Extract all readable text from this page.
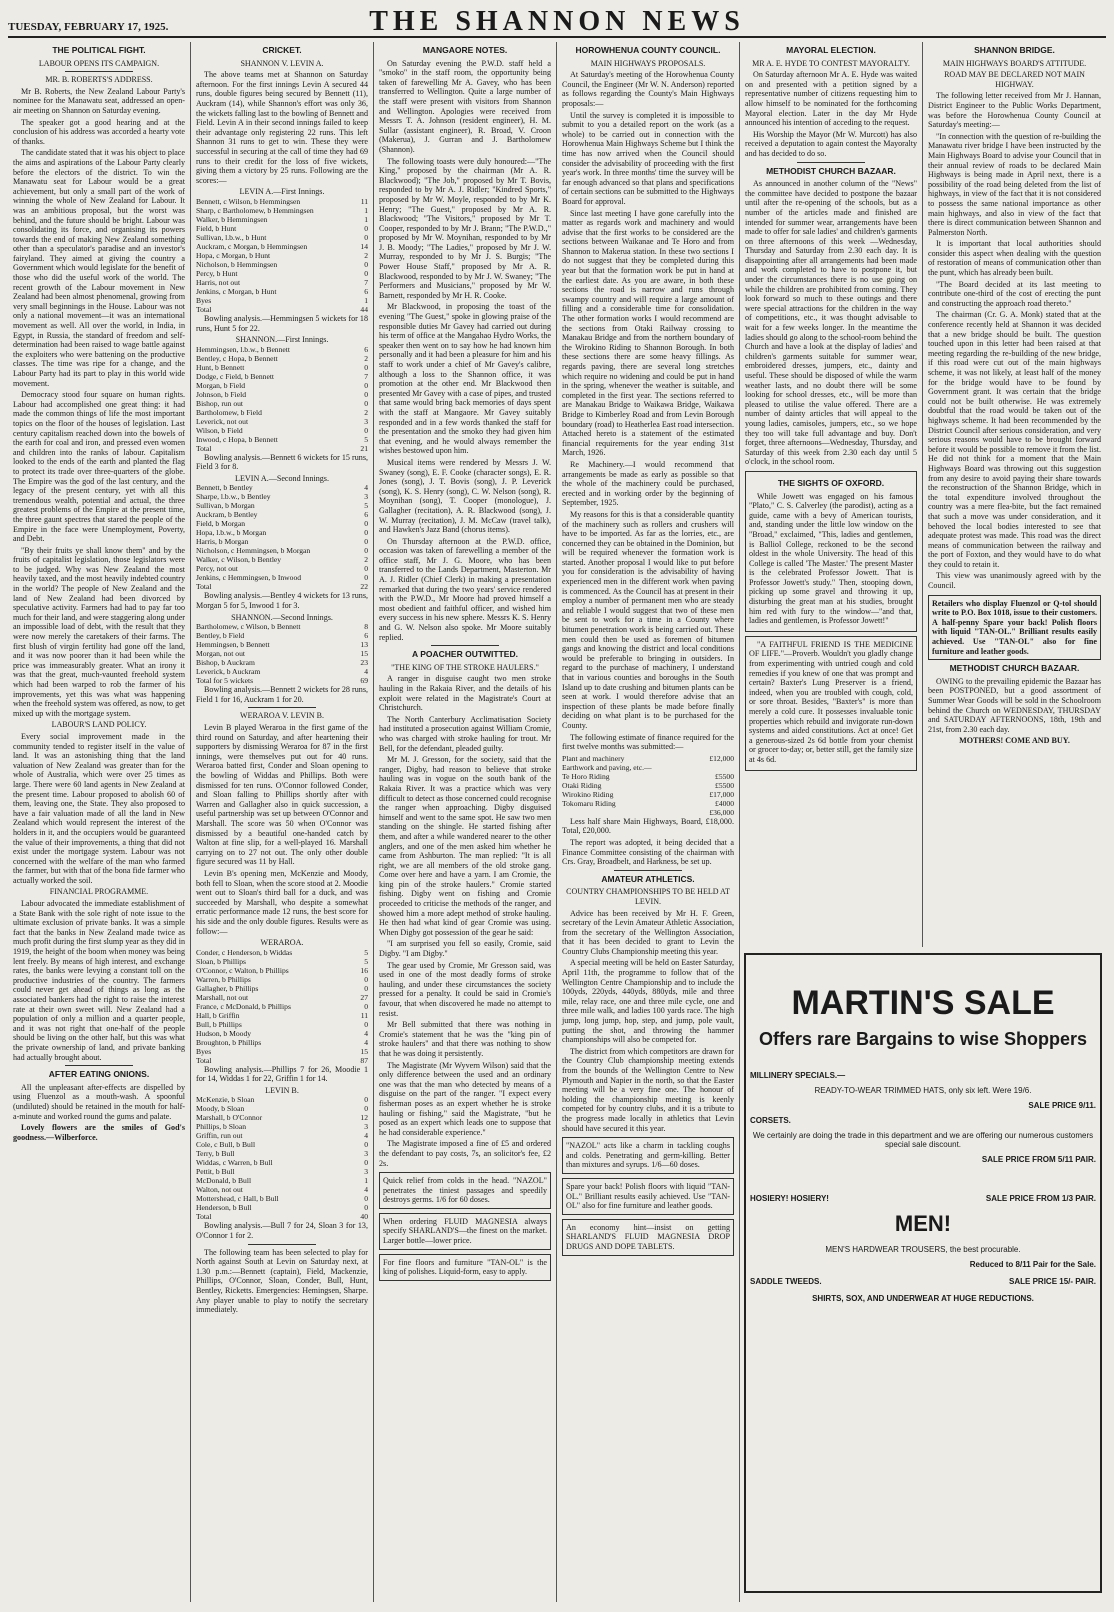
TUESDAY, FEBRUARY 17, 1925.	THE SHANNON NEWS
THE POLITICAL FIGHT.
LABOUR OPENS ITS CAMPAIGN.
MR. B. ROBERTS'S ADDRESS.

Mr B. Roberts, the New Zealand Labour Party's nominee for the Manawatu seat, addressed an open-air meeting on Shannon on Saturday evening.

The speaker got a good hearing and at the conclusion of his address was accorded a hearty vote of thanks.

The candidate stated that it was his object to place the aims and aspirations of the Labour Party clearly before the electors of the district. To win the Manawatu seat for Labour would be a great achievement, but only a small part of the work of winning the whole of New Zealand for Labour. It was an ambitious proposal, but the worst was behind, and the future should be bright. Labour was consolidating its force, and organising its powers towards the end of making New Zealand something other than a speculator's paradise and an investor's fairyland. They aimed at giving the country a Government which would legislate for the benefit of those who did the useful work of the world. The recent growth of the Labour movement in New Zealand had been almost phenomenal, growing from very small beginnings in the House. Labour was not only a national movement—it was an international movement as well. All over the world, in India, in Egypt, in Russia, the standard of freedom and self-determination had been raised to wage battle against the exploiters who were battening on the productive classes. The time was ripe for a change, and the Labour Party had its part to play in this world wide movement.

Democracy stood four square on human rights. Labour had accomplished one great thing: it had made the common things of life the most important topics on the floor of the houses of legislation. Last century capitalism reached down into the bowels of the earth for coal and iron, and pressed even women and children into the ranks of labour. Capitalism looked to the ends of the earth and planted the flag to protect its trade over three-quarters of the globe. The Empire was the god of the last century, and the legacy of the present century, yet with all this tremendous wealth, potential and actual, the three greatest problems of the Empire at the present time, the three gaunt spectres that stared the people of the Empire in the face were Unemployment, Poverty, and Debt.

"By their fruits ye shall know them" and by the fruits of capitalist legislation, those legislators were to be judged. Why was New Zealand the most heavily taxed, and the most heavily indebted country in the world? The people of New Zealand and the land of New Zealand had been divorced by speculative activity. Farmers had had to pay far too much for their land, and were staggering along under an impossible load of debt, with the result that they were now merely the caretakers of their farms. The first blush of virgin fertility had gone off the land, and it was now poorer than it had been while the price was immeasurably greater. What an irony it was that the great, much-vaunted freehold system which had been warped to rob the farmer of his improvements, yet this was what was happening when the freehold system was offered, as now, to get mixed up with the mortgage system.

LABOUR'S LAND POLICY.

Every social improvement made in the community tended to register itself in the value of land. It was an astonishing thing that the land valuation of New Zealand was greater than for the whole of Australia, which were over 25 times as large. There were 60 land agents in New Zealand at the present time. Labour proposed to abolish 60 of them, leaving one, the State. They also proposed to have a fair valuation made of all the land in New Zealand which would represent the interest of the holders in it, and the occupiers would be guaranteed the value of their improvements, a thing that did not exist under the mortgage system. Labour was not concerned with the welfare of the man who farmed the farmer, but with that of the bona fide farmer who actually worked the soil.

FINANCIAL PROGRAMME.

Labour advocated the immediate establishment of a State Bank with the sole right of note issue to the ultimate exclusion of private banks. It was a simple fact that the banks in New Zealand made twice as much profit during the first slump year as they did in 1919, the height of the boom when money was being lent freely. By means of high interest, and exchange rates, the banks were levying a constant toll on the productive industries of the country. The farmers could never get ahead of things as long as the associated bankers had the right to raise the interest rate at their own sweet will. New Zealand had a population of only a million and a quarter people, and it was not right that one-half of the people should be living on the other half, but this was what the private ownership of land, and private banking had actually brought about.

AFTER EATING ONIONS.

All the unpleasant after-effects are dispelled by using Fluenzol as a mouth-wash. A spoonful (undiluted) should be retained in the mouth for half-a-minute and worked round the gums and palate.

Lovely flowers are the smiles of God's goodness.—Wilberforce.

CRICKET.
SHANNON V. LEVIN A.

The above teams met at Shannon on Saturday afternoon. For the first innings Levin A secured 44 runs, double figures being secured by Bennett (11), Auckram (14), while Shannon's effort was only 36, the wickets falling last to the bowling of Bennett and Field. Levin A in their second innings failed to keep their advantage only registering 22 runs. This left Shannon 31 runs to get to win. These they were successful in securing at the call of time they had 69 runs to their credit for the loss of five wickets, giving them a victory by 25 runs. Following are the scores:—

LEVIN A.—First Innings.
Bennett, c Wilson, b Hemmingsen	11
Sharp, c Bartholomew, b Hemmingsen	1
Walker, b Hemmingsen	1
Field, b Hunt	0
Sullivan, l.b.w., b Hunt	0
Auckram, c Morgan, b Hemmingsen	14
Hopa, c Morgan, b Hunt	2
Nicholson, b Hemmingsen	0
Percy, b Hunt	0
Harris, not out	7
Jenkins, c Morgan, b Hunt	6
Byes	1
Total	44

Bowling analysis.—Hemmingsen 5 wickets for 18 runs, Hunt 5 for 22.

SHANNON.—First Innings.
Hemmingsen, l.b.w., b Bennett	6
Bentley, c Hopa, b Bennett	2
Hunt, b Bennett	0
Dodge, c Field, b Bennett	7
Morgan, b Field	0
Johnson, b Field	0
Bishop, run out	0
Bartholomew, b Field	2
Leverick, not out	3
Wilson, b Field	0
Inwood, c Hopa, b Bennett	5
Total	21

Bowling analysis.—Bennett 6 wickets for 15 runs, Field 3 for 8.

LEVIN A.—Second Innings.
Bennett, b Bentley	4
Sharpe, l.b.w., b Bentley	3
Sullivan, b Morgan	5
Auckram, b Bentley	6
Field, b Morgan	0
Hopa, l.b.w., b Morgan	0
Harris, b Morgan	0
Nicholson, c Hemmingsen, b Morgan	0
Walker, c Wilson, b Bentley	2
Percy, not out	0
Jenkins, c Hemmingsen, b Inwood	0
Total	22

Bowling analysis.—Bentley 4 wickets for 13 runs, Morgan 5 for 5, Inwood 1 for 3.

SHANNON.—Second Innings.
Bartholomew, c Wilson, b Bennett	8
Bentley, b Field	6
Hemmingsen, b Bennett	13
Morgan, not out	15
Bishop, b Auckram	23
Leverick, b Auckram	4
Total for 5 wickets	69

Bowling analysis.—Bennett 2 wickets for 28 runs, Field 1 for 16, Auckram 1 for 20.

WERAROA V. LEVIN B.

Levin B played Weraroa in the first game of the third round on Saturday, and after heartening their supporters by dismissing Weraroa for 87 in the first innings, were themselves put out for 40 runs. Weraroa batted first, Conder and Sloan opening to the bowling of Widdas and Phillips. Both were dismissed for ten runs. O'Connor followed Conder, and Sloan falling to Phillips shortly after with Warren and Gallagher also in quick succession, a useful partnership was set up between O'Connor and Marshall. The score was 50 when O'Connor was dismissed by a beautiful one-handed catch by Walton at fine slip, for a well-played 16. Marshall carrying on to 27 not out. The only other double figure secured was 11 by Hall.

Levin B's opening men, McKenzie and Moody, both fell to Sloan, when the score stood at 2. Moodie went out to Sloan's third ball for a duck, and was succeeded by Marshall, who despite a somewhat erratic performance made 12 runs, the best score for his side and the only double figures. Results were as follow:—

WERAROA.
Conder, c Henderson, b Widdas	5
Sloan, b Phillips	5
O'Connor, c Walton, b Phillips	16
Warren, b Phillips	0
Gallagher, b Phillips	0
Marshall, not out	27
France, c McDonald, b Phillips	0
Hall, b Griffin	11
Bull, b Phillips	0
Hudson, b Moody	4
Broughton, b Phillips	4
Byes	15
Total	87

Bowling analysis.—Phillips 7 for 26, Moodie 1 for 14, Widdas 1 for 22, Griffin 1 for 14.

LEVIN B.
McKenzie, b Sloan	0
Moody, b Sloan	0
Marshall, b O'Connor	12
Phillips, b Sloan	3
Griffin, run out	4
Cole, c Bull, b Bull	0
Terry, b Bull	3
Widdas, c Warren, b Bull	0
Pettit, b Bull	3
McDonald, b Bull	1
Walton, not out	4
Mottershead, c Hall, b Bull	0
Henderson, b Bull	0
Total	40

Bowling analysis.—Bull 7 for 24, Sloan 3 for 13, O'Connor 1 for 2.

The following team has been selected to play for North against South at Levin on Saturday next, at 1.30 p.m.:—Bennett (captain), Field, Mackenzie, Phillips, O'Connor, Sloan, Conder, Bull, Hunt, Bentley, Ricketts. Emergencies: Hemingsen, Sharpe. Any player unable to play to notify the secretary immediately.

MANGAORE NOTES.

On Saturday evening the P.W.D. staff held a "smoko" in the staff room, the opportunity being taken of farewelling Mr A. Gavey, who has been transferred to Wellington. Quite a large number of the staff were present with visitors from Shannon and Wellington. Apologies were received from Messrs T. A. Johnson (resident engineer), H. M. Sullar (assistant engineer), R. Broad, V. Croon (Makerua), J. Gurran and J. Bartholomew (Shannon).

The following toasts were duly honoured:—"The King," proposed by the chairman (Mr A. R. Blackwood); "The Job," proposed by Mr T. Bovis, responded to by Mr A. J. Ridler; "Kindred Sports," proposed by Mr W. Moyle, responded to by Mr K. Henry; "The Guest," proposed by Mr A. R. Blackwood; "The Visitors," proposed by Mr T. Cooper, responded to by Mr J. Brann; "The P.W.D.," proposed by Mr W. Moynihan, responded to by Mr J. B. Moody; "The Ladies," proposed by Mr J. W. Murray, responded to by Mr J. S. Burgis; "The Power House Staff," proposed by Mr A. R. Blackwood, responded to by Mr J. W. Swaney; "The Performers and Musicians," proposed by Mr W. Barnett, responded by Mr H. R. Cooke.

Mr Blackwood, in proposing the toast of the evening "The Guest," spoke in glowing praise of the responsible duties Mr Gavey had carried out during his term of office at the Mangahao Hydro Works, the speaker then went on to say how he had known him personally and it had been a pleasure for him and his staff to work under a chief of Mr Gavey's calibre, although a loss to the Shannon office, it was promotion at the other end. Mr Blackwood then presented Mr Gavey with a case of pipes, and trusted that same would bring back memories of days spent with the staff at Mangaore. Mr Gavey suitably responded and in a few words thanked the staff for the presentation and the smoko they had given him that evening, and he would always remember the wishes bestowed upon him.

Musical items were rendered by Messrs J. W. Swaney (song), E. F. Cooke (character songs), E. R. Jones (song), J. T. Bovis (song), J. P. Leverick (song), K. S. Henry (song), C. W. Nelson (song), R. Moynihan (song), T. Cooper (monologue), J. Gallagher (recitation), A. R. Blackwood (song), J. W. Murray (recitation), J. M. McCaw (travel talk), and Hawken's Jazz Band (chorus items).

On Thursday afternoon at the P.W.D. office, occasion was taken of farewelling a member of the office staff, Mr J. G. Moore, who has been transferred to the Lands Department, Masterton. Mr A. J. Ridler (Chief Clerk) in making a presentation remarked that during the two years' service rendered with the P.W.D., Mr Moore had proved himself a most obedient and faithful officer, and wished him every success in his new sphere. Messrs K. S. Henry and G. W. Nelson also spoke. Mr Moore suitably replied.

A POACHER OUTWITTED.
"THE KING OF THE STROKE HAULERS."

A ranger in disguise caught two men stroke hauling in the Rakaia River, and the details of his exploit were related in the Magistrate's Court at Christchurch.

The North Canterbury Acclimatisation Society had instituted a prosecution against William Cromie, who was charged with stroke hauling for trout. Mr Bell, for the defendant, pleaded guilty.

Mr M. J. Gresson, for the society, said that the ranger, Digby, had reason to believe that stroke hauling was in vogue on the south bank of the Rakaia River. It was a practice which was very difficult to detect as those concerned could recognise the ranger when approaching. Digby disguised himself and went to the same spot. He saw two men standing on the shingle. He started fishing after them, and after a while wandered nearer to the other anglers, and one of the men asked him whether he came from Ashburton. The man replied: "It is all right, we are all members of the old stroke gang. Come over here and have a yarn. I am Cromie, the king pin of the stroke haulers." Cromie started fishing. Digby went on fishing and Cromie proceeded to criticise the methods of the ranger, and showed him a more adept method of stroke hauling. He then had what kind of gear Cromie was using. When Digby got possession of the gear he said:

"I am surprised you fell so easily, Cromie, said Digby. "I am Digby."

The gear used by Cromie, Mr Gresson said, was used in one of the most deadly forms of stroke hauling, and under these circumstances the society pressed for a penalty. It could be said in Cromie's favour, that when discovered he made no attempt to resist.

Mr Bell submitted that there was nothing in Cromie's statement that he was the "king pin of stroke haulers" and that there was nothing to show that he was doing it persistently.

The Magistrate (Mr Wyvern Wilson) said that the only difference between the used and an ordinary one was that the man who detected by means of a disguise on the part of the ranger. "I expect every fisherman poses as an expert whether he is stroke hauling or fishing," said the Magistrate, "but he posed as an expert which leads one to suppose that he had considerable experience."

The Magistrate imposed a fine of £5 and ordered the defendant to pay costs, 7s, an solicitor's fee, £2 2s.

Quick relief from colds in the head. "NAZOL" penetrates the tiniest passages and speedily destroys germs. 1/6 for 60 doses.
When ordering FLUID MAGNESIA always specify SHARLAND'S—the finest on the market. Larger bottle—lower price.
For fine floors and furniture "TAN-OL" is the king of polishes. Liquid-form, easy to apply.
HOROWHENUA COUNTY COUNCIL.
MAIN HIGHWAYS PROPOSALS.

At Saturday's meeting of the Horowhenua County Council, the Engineer (Mr W. N. Anderson) reported as follows regarding the County's Main Highways proposals:—

Until the survey is completed it is impossible to submit to you a detailed report on the work (as a whole) to be carried out in connection with the Horowhenua Main Highways Scheme but I think the time has now arrived when the Council should consider the advisability of proceeding with the first year's work. In three months' time the survey will be far enough advanced so that plans and specifications of certain sections can be submitted to the Highways Board for approval.

Since last meeting I have gone carefully into the matter as regards work and machinery and would advise that the first works to be considered are the sections between Waikanae and Te Horo and from Shannon to Makerua station. In these two sections I do not suggest that they be completed during this year but that the formation work be put in hand at the earliest date. As you are aware, in both these sections the road is narrow and runs through swampy country and will require a large amount of filling and a considerable time for consolidation. The other formation works I would recommend are the sections from Otaki Railway crossing to Manakau Bridge and from the northern boundary of the Wirokino Riding to Shannon Borough. In both these sections there are some heavy fillings. As regards paving, there are several long stretches which require no widening and could be put in hand in the spring, whenever the weather is suitable, and completed in the first year. The sections referred to are Manakau Bridge to Waikawa Bridge, Waikawa Bridge to Kimberley Road and from Levin Borough boundary (road) to Heatherlea East road intersection. Attached hereto is a statement of the estimated financial requirements for the year ending 31st March, 1926.

Re Machinery.—I would recommend that arrangements be made as early as possible so that the whole of the machinery could be purchased, erected and in working order by the beginning of September, 1925.

My reasons for this is that a considerable quantity of the machinery such as rollers and crushers will have to be imported. As far as the lorries, etc., are concerned they can be obtained in the Dominion, but will be required whenever the formation work is started. Another proposal I would like to put before you for consideration is the advisability of having experienced men in the different work when paving is commenced. As the Council has at present in their employ a number of permanent men who are steady and reliable I would suggest that two of these men be sent to work for a time in a County where bitumen penetration work is being carried out. These men could then be used as foremen of bitumen gangs and knowing the district and local conditions would be preferable to bringing in outsiders. In regard to the purchase of machinery, I understand that in various counties and boroughs in the South Island up to date crushing and bitumen plants can be seen at work. I would therefore advise that an inspection of these plants be made before finally deciding on what plant is to be purchased for the County.

The following estimate of finance required for the first twelve months was submitted:—

Plant and machinery	£12,000
Earthwork and paving, etc.—
Te Horo Riding	£5500
Otaki Riding	£5500
Wirokino Riding	£17,000
Tokomaru Riding	£4000
£36,000

Less half share Main Highways, Board, £18,000. Total, £20,000.

The report was adopted, it being decided that a Finance Committee consisting of the chairman with Crs. Gray, Broadbelt, and Harkness, be set up.

AMATEUR ATHLETICS.
COUNTRY CHAMPIONSHIPS TO BE HELD AT LEVIN.

Advice has been received by Mr H. F. Green, secretary of the Levin Amateur Athletic Association, from the secretary of the Wellington Association, that it has been decided to grant to Levin the Country Clubs Championship meeting this year.

A special meeting will be held on Easter Saturday, April 11th, the programme to follow that of the Wellington Centre Championship and to include the 100yds, 220yds, 440yds, 880yds, mile and three mile, relay race, one and three mile cycle, one and three mile walk, and ladies 100 yards race. The high jump, long jump, hop, step, and jump, pole vault, putting the shot, and throwing the hammer championships will also be competed for.

The district from which competitors are drawn for the Country Club championship meeting extends from the bounds of the Wellington Centre to New Plymouth and Napier in the north, so that the Easter meeting will be a very fine one. The honour of holding the championship meeting is keenly competed for by country clubs, and it is a tribute to the progress made locally in athletics that Levin should have secured it this year.

"NAZOL" acts like a charm in tackling coughs and colds. Penetrating and germ-killing. Better than mixtures and syrups. 1/6—60 doses.
Spare your back! Polish floors with liquid "TAN-OL." Brilliant results easily achieved. Use "TAN-OL" also for fine furniture and leather goods.
An economy hint—insist on getting SHARLAND'S FLUID MAGNESIA DROP DRUGS AND DOPE TABLETS.
MAYORAL ELECTION.
MR A. E. HYDE TO CONTEST MAYORALTY.

On Saturday afternoon Mr A. E. Hyde was waited on and presented with a petition signed by a representative number of citizens requesting him to allow himself to be nominated for the forthcoming Mayoral election. Later in the day Mr Hyde announced his intention of acceding to the request.

His Worship the Mayor (Mr W. Murcott) has also received a deputation to again contest the Mayoralty and has decided to do so.

METHODIST CHURCH BAZAAR.

As announced in another column of the "News" the committee have decided to postpone the bazaar until after the re-opening of the schools, but as a number of the articles made and finished are intended for summer wear, arrangements have been made to offer for sale ladies' and children's garments on three afternoons of this week —Wednesday, Thursday and Saturday from 2.30 each day. It is disappointing after all arrangements had been made and work completed to have to postpone it, but under the circumstances there is no use going on while the children are prohibited from coming. They look forward so much to these outings and there were special attractions for the children in the way of competitions, etc., it was thought advisable to wait for a few weeks longer. In the meantime the ladies should go along to the school-room behind the Church and have a look at the display of ladies' and children's garments suitable for summer wear, embroidered dresses, jumpers, etc., dainty and useful. These should be disposed of while the warm weather lasts, and no doubt there will be some looking for school dresses, etc., will be more than pleased to utilise the value offered. There are a number of dainty articles that will appeal to the young ladies, camisoles, jumpers, etc., so we hope they too will take full advantage and buy. Don't forget, three afternoons—Wednesday, Thursday, and Saturday of this week from 2.30 each day until 5 o'clock, in the school room.

THE SIGHTS OF OXFORD.

While Jowett was engaged on his famous "Plato," C. S. Calverley (the parodist), acting as a guide, came with a bevy of American tourists, and, standing under the little low window on the "Broad," exclaimed, "This, ladies and gentlemen, is Balliol College, reckoned to be the second oldest in the whole University. The head of this College is called 'The Master.' The present Master is the celebrated Professor Jowett. That is Professor Jowett's study." Then, stooping down, picking up some gravel and throwing it up, disturbing the great man at his studies, brought him red with fury to the window—"and that, ladies and gentlemen, is Professor Jowett!"

"A FAITHFUL FRIEND IS THE MEDICINE OF LIFE."—Proverb. Wouldn't you gladly change from experimenting with untried cough and cold remedies if you knew of one that was prompt and certain? Baxter's Lung Preserver is a friend, indeed, when you are troubled with cough, cold, or sore throat. Besides, "Baxter's" is more than merely a cold cure. It possesses invaluable tonic properties which rebuild and invigorate run-down systems and aided constitutions. Act at once! Get a generous-sized 2s 6d bottle from your chemist or grocer to-day; or, better still, get the family size at 4s 6d.

SHANNON BRIDGE.
MAIN HIGHWAYS BOARD'S ATTITUDE.
ROAD MAY BE DECLARED NOT MAIN HIGHWAY.

The following letter received from Mr J. Hannan, District Engineer to the Public Works Department, was before the Horowhenua County Council at Saturday's meeting:—

"In connection with the question of re-building the Manawatu river bridge I have been instructed by the Main Highways Board to advise your Council that in their annual review of roads to be declared Main Highways is being made in April next, there is a possibility of the road being deleted from the list of highways, in view of the fact that it is not considered to possess the same national importance as other main highways, and also in view of the fact that there is direct communication between Shannon and Palmerston North.

It is important that local authorities should consider this aspect when dealing with the question of restoration of means of communication other than the punt, which has already been built.

"The Board decided at its last meeting to contribute one-third of the cost of erecting the punt and constructing the approach road thereto."

The chairman (Cr. G. A. Monk) stated that at the conference recently held at Shannon it was decided that a new bridge should be built. The question touched upon in this letter had been raised at that meeting regarding the re-building of the new bridge, if this road were cut out of the main highways scheme, it was not likely, at least half of the money for the bridge would have to be found by Government grant. It was certain that the bridge could not be built otherwise. He was extremely doubtful that the road would be taken out of the highways scheme. It had been recommended by the District Council after serious consideration, and very serious reasons would have to be brought forward before it would be possible to remove it from the list. He did not think for a moment that the Main Highways Board was throwing out this suggestion from any desire to avoid paying their share towards the reconstruction of the Shannon Bridge, which in the total expenditure involved throughout the country was a mere flea-bite, but the fact remained that such a move was under consideration, and it behoved the local bodies interested to see that adequate protest was made. This road was the direct means of communication between the railway and the port of Foxton, and they would have to do what they could to retain it.

This view was unanimously agreed with by the Council.

Retailers who display Fluenzol or Q-tol should write to P.O. Box 1018, issue to their customers. A half-penny Spare your back! Polish floors with liquid "TAN-OL." Brilliant results easily achieved. Use "TAN-OL" also for fine furniture and leather goods.
METHODIST CHURCH BAZAAR.

OWING to the prevailing epidemic the Bazaar has been POSTPONED, but a good assortment of Summer Wear Goods will be sold in the Schoolroom behind the Church on WEDNESDAY, THURSDAY and SATURDAY AFTERNOONS, 18th, 19th and 21st, from 2.30 each day.

MOTHERS! COME AND BUY.
MARTIN'S SALE
Offers rare Bargains to wise Shoppers
MILLINERY SPECIALS.—
READY-TO-WEAR TRIMMED HATS, only six left. Were 19/6.
SALE PRICE 9/11.
CORSETS.
We certainly are doing the trade in this department and we are offering our numerous customers special sale discount.
SALE PRICE FROM 5/11 PAIR.
HOSIERY! HOSIERY!	SALE PRICE FROM 1/3 PAIR.
MEN!
MEN'S HARDWEAR TROUSERS, the best procurable.
Reduced to 8/11 Pair for the Sale.
SADDLE TWEEDS.	SALE PRICE 15/- PAIR.
SHIRTS, SOX, AND UNDERWEAR AT HUGE REDUCTIONS.
